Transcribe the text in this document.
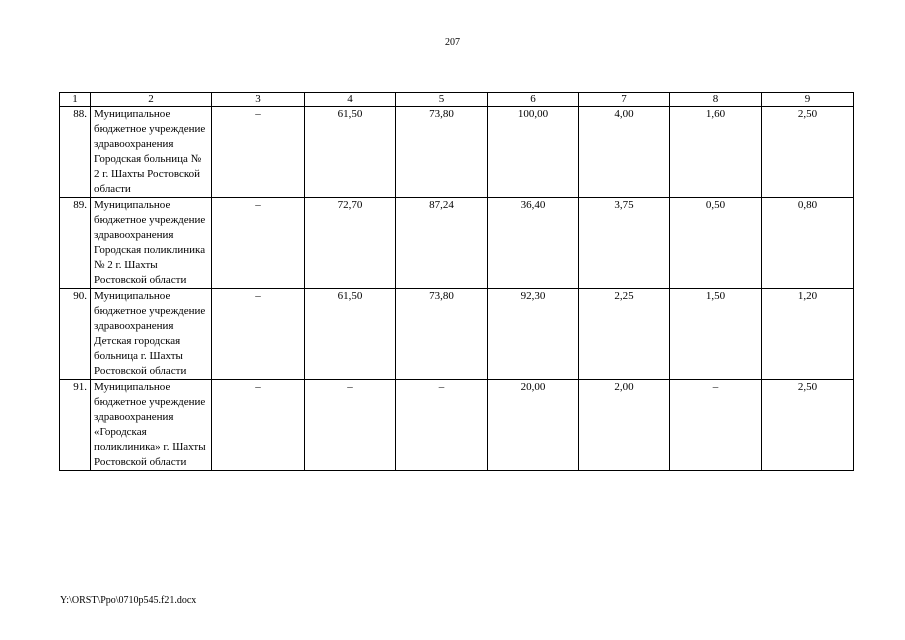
207
1	2	3	4	5	6	7	8	9
88.	Муниципальное бюджетное учреждение здравоохранения Городская больница № 2 г. Шахты Ростовской области	–	61,50	73,80	100,00	4,00	1,60	2,50
89.	Муниципальное бюджетное учреждение здравоохранения Городская поликлиника № 2 г. Шахты Ростовской области	–	72,70	87,24	36,40	3,75	0,50	0,80
90.	Муниципальное бюджетное учреждение здравоохранения Детская городская больница г. Шахты Ростовской области	–	61,50	73,80	92,30	2,25	1,50	1,20
91.	Муниципальное бюджетное учреждение здравоохранения «Городская поликлиника» г. Шахты Ростовской области	–	–	–	20,00	2,00	–	2,50
Y:\ORST\Ppo\0710p545.f21.docx
